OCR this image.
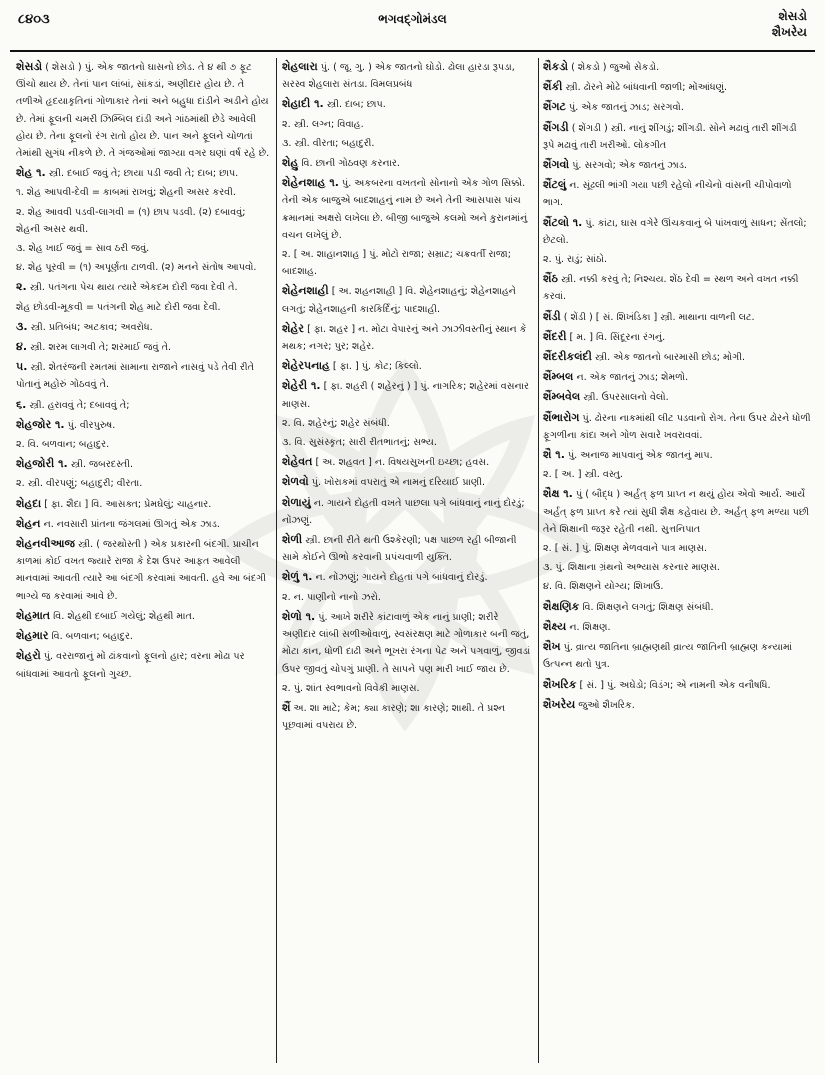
૮૪૦૩	ભગવદ્ગોમંડલ	શેસડો
શૈખરેય
શેસડો ( શેસડો ) પું. એક જાતનો ઘાસનો છોડ. તે ૪ થી ૭ ફૂટ ઊંચો થાય છે. તેનાં પાન લાંબાં, સાંકડાં, અણીદાર હોય છે. તે તળીએ હૃદયાકૃતિનાં ગોળાકાર તેનાં અને બહુધા દાંડીને અડીને હોય છે. તેમાં ફૂલની ચમરી ઝિમ્બિલ દાંડી અને ગાંઠમાંથી છેડે આવેલી હોય છે. તેના ફૂલનો રંગ રાતો હોય છે. પાન અને ફૂલને ચોળતાં તેમાંથી સુગંધ નીકળે છે. તે ગંજઓમાં જાગ્યા વગર ઘણાં વર્ષ રહે છે.
શેહ ૧. સ્ત્રી. દબાઈ જવું તે; છાયા પડી જવી તે; દાબ; છાપ.
૧. શેહ આપવી-દેવી = કાબમાં રાખવું; શેહની અસર કરવી.
૨. શેહ આવવી પડવી-લાગવી = (૧) છાપ પડવી. (૨) દબાવવું; શેહની અસર થવી.
૩. શેહ ખાઈ જવું = સાવ ઠરી જવું.
૪. શેહ પૂરવી = (૧) અપૂર્ણતા ટાળવી. (૨) મનને સંતોષ આપવો.
૨. સ્ત્રી. પતંગના પેચ થાય ત્યારે એકદમ દોરી જવા દેવી તે.
શેહ છોડવી-મૂકવી = પતંગની શેહ માટે દોરી જવા દેવી.
૩. સ્ત્રી. પ્રતિબંધ; અટકાવ; અવરોધ.
૪. સ્ત્રી. શરમ લાગવી તે; શરમાઈ જવું તે.
૫. સ્ત્રી. શેતરંજની રમતમાં સામાના રાજાને નાસવું પડે તેવી રીતે પોતાનું મહોરું ગોઠવવું તે.
૬. સ્ત્રી. હરાવવું તે; દબાવવું તે;
શેહજોર ૧. પું. વીરપુરુષ.
૨. વિ. બળવાન; બહાદુર.
શેહજોરી ૧. સ્ત્રી. જબરદસ્તી.
૨. સ્ત્રી. વીરપણું; બહાદુરી; વીરતા.
શેહદા [ ફા. શૈદા ] વિ. આસક્ત; પ્રેમઘેલું; ચાહનાર.
શેહન ન. નવસારી પ્રાંતના જંગલમાં ઊગતું એક ઝાડ.
શેહનવીઆજ સ્ત્રી. ( જરથોસ્તી ) એક પ્રકારની બંદગી. પ્રાચીન કાળમાં કોઈ વખત જ્યારે રાજા કે દેશ ઉપર આફત આવેલી માનવામાં આવતી ત્યારે આ બંદગી કરવામાં આવતી. હવે આ બંદગી ભાગ્યે જ કરવામાં આવે છે.
શેહમાત વિ. શેહથી દબાઈ ગયેલું; શેહથી માત.
શેહમાર વિ. બળવાન; બહાદુર.
શેહરો પું. વરરાજાનું મોં ઢાંકવાનો ફૂલનો હાર; વરના મોઢા પર બાંધવામાં આવતો ફૂલનો ગુચ્છ.
શેહલારા પું. ( જૂ. ગુ. ) એક જાતનો ઘોડો. ઢોલા હારડા રૂપડા, સરસ્વ શેહલારા સંતડા. વિમલપ્રબંધ
શેહાદી ૧. સ્ત્રી. દાબ; છાપ.
૨. સ્ત્રી. લગ્ન; વિવાહ.
૩. સ્ત્રી. વીરતા; બહાદુરી.
શેહુ વિ. છાની ગોઠવણ કરનાર.
શેહેનશાહ ૧. પું. અકબરના વખતનો સોનાનો એક ગોળ સિક્કો. તેની એક બાજુએ બાદશાહનું નામ છે અને તેની આસપાસ પાંચ ક્રમાનમાં અક્ષરો લખેલા છે. બીજી બાજુએ કલમો અને કુરાનમાંનું વચન લખેલું છે.
૨. [ અ. શાહાનશાહ ] પું. મોટો રાજા; સમ્રાટ; ચક્રવર્તી રાજા; બાદશાહ.
શેહેનશાહી [ અ. શહનશાહી ] વિ. શેહેનશાહનું; શેહેનશાહને લગતું; શેહેનશાહની કારકિર્દિનું; પાદશાહી.
શેહેર [ ફા. શહર ] ન. મોટા વેપારનું અને ઝાઝીવસ્તીનું સ્થાન કે મથક; નગર; પુર; શહેર.
શેહેરપનાહ [ ફા. ] પું. કોટ; કિલ્લો.
શેહેરી ૧. [ ફા. શહરી ( શહેરનું ) ] પું. નાગરિક; શહેરમાં વસનાર માણસ.
૨. વિ. શહેરનું; શહેર સંબંધી.
૩. વિ. સુસંસ્કૃત; સારી રીતભાતનું; સભ્ય.
શેહેવત [ અ. શહવત ] ન. વિષયસુખની ઇચ્છા; હવસ.
શેળવો પું. ખોરાકમાં વપરાતું એ નામનું દરિયાઈ પ્રાણી.
શેળાયું ન. ગાયને દોહતી વખતે પાછલા પગે બાંધવાનું નાનું દોરડું; નોંઝણું.
શેળી સ્ત્રી. છાની રીતે થતી ઉશ્કેરણી; પક્ષ પાછળ રહી બીજાની સામે કોઈને ઊભો કરવાની પ્રપંચવાળી યુક્તિ.
શેળું ૧. ન. નોંઝણું; ગાયને દોહતાં પગે બાંધવાનું દોરડું.
૨. ન. પાણીનો નાનો ઝરો.
શેળો ૧. પું. આખે શરીરે કાંટાવાળું એક નાનું પ્રાણી; શરીરે અણીદાર લાંબી સળીઓવાળું, સ્વસંરક્ષણ માટે ગોળાકાર બની જતું, મોટા કાન, ધોળી દાઢી અને ભૂખરા રંગના પેટ અને પગવાળું, જીવડાં ઉપર જીવતું ચોપગું પ્રાણી. તે સાપને પણ મારી ખાઈ જાય છે.
૨. પું. શાંત સ્વભાવનો વિવેકી માણસ.
શૈં અ. શા માટે; કેમ; ક્યા કારણે; શા કારણે; શાથી. તે પ્રશ્ન પૂછવામાં વપરાય છે.
શૈકડો ( શેકડો ) જુઓ સેકડો.
શૈંકી સ્ત્રી. ઢોરને મોઢે બાંધવાની જાળી; મોંઆંધણું.
શૈંગટ પું. એક જાતનું ઝાડ; સરગવો.
શૈંગડી ( શેંગડી ) સ્ત્રી. નાનું શીંગડું; શીંગડી. સોને મઢાવું તારી શીંગડી રૂપે મઢાવું તારી ખરીઓ. લોકગીત
શૈંગવો પું. સરગવો; એક જાતનું ઝાડ.
શૈંટલું ન. સૂંઢલી ભાંગી ગયા પછી રહેલો નીચેનો વાંસની ચીપોવાળો ભાગ.
શૈંટલો ૧. પું. કાંટા, ઘાસ વગેરે ઊંચકવાનું બે પાંખવાળું સાધન; સેંતલો; છેટલો.
૨. પું. રાડું; સાંઠો.
શૈંઠ સ્ત્રી. નક્કી કરવું તે; નિશ્ચય. શેંઠ દેવી = સ્થળ અને વખત નક્કી કરવાં.
શૈંડી ( શેંડી ) [ સં. શિખંડિકા ] સ્ત્રી. માથાના વાળની લટ.
શૈંદરી [ મ. ] વિ. સિંદૂરના રંગનું.
શૈંદરીકલંદી સ્ત્રી. એક જાતનો બારમાસી છોડ; મોગી.
શૈંમ્બલ ન. એક જાતનું ઝાડ; શેમળો.
શૈંમ્બવેલ સ્ત્રી. ઉપરસાલનો વેલો.
શૈંભારોગ પું. ઢોરના નાકમાંથી લીટ પડવાનો રોગ. તેના ઉપર ઢોરને ધોળી ફૂગળીના કાંદા અને ગોળ સવારે ખવરાવવાં.
શૈ ૧. પું. અનાજ માપવાનું એક જાતનું માપ.
૨. [ અ. ] સ્ત્રી. વસ્તુ.
શૈક્ષ ૧. પું ( બૌદ્ધ ) અર્હત્ ફળ પ્રાપ્ત ન થયું હોય એવો આર્ય. આર્યે અર્હત્ ફળ પ્રાપ્ત કરે ત્યાં સુધી શૈક્ષ કહેવાય છે. અર્હત્ ફળ મળ્યા પછી તેને શિક્ષાની જરૂર રહેતી નથી. સુત્તનિપાત
૨. [ સં. ] પું. શિક્ષણ મેળવવાને પાત્ર માણસ.
૩. પું. શિક્ષાના ગ્રંથનો અભ્યાસ કરનાર માણસ.
૪. વિ. શિક્ષણને યોગ્ય; શિખાઉ.
શૈક્ષણિક વિ. શિક્ષણને લગતું; શિક્ષણ સંબંધી.
શૈક્ષ્ય ન. શિક્ષણ.
શૈખ પું. વ્રાત્ય જાતિના બ્રાહ્મણથી વ્રાત્ય જાતિની બ્રાહ્મણ કન્યામાં ઉત્પન્ન થતો પુત્ર.
શૈખરિક [ સં. ] પું. અઘેડો; વિડંગ; એ નામની એક વનૌષધિ.
શૈખરેય જુઓ શૈખરિક.
